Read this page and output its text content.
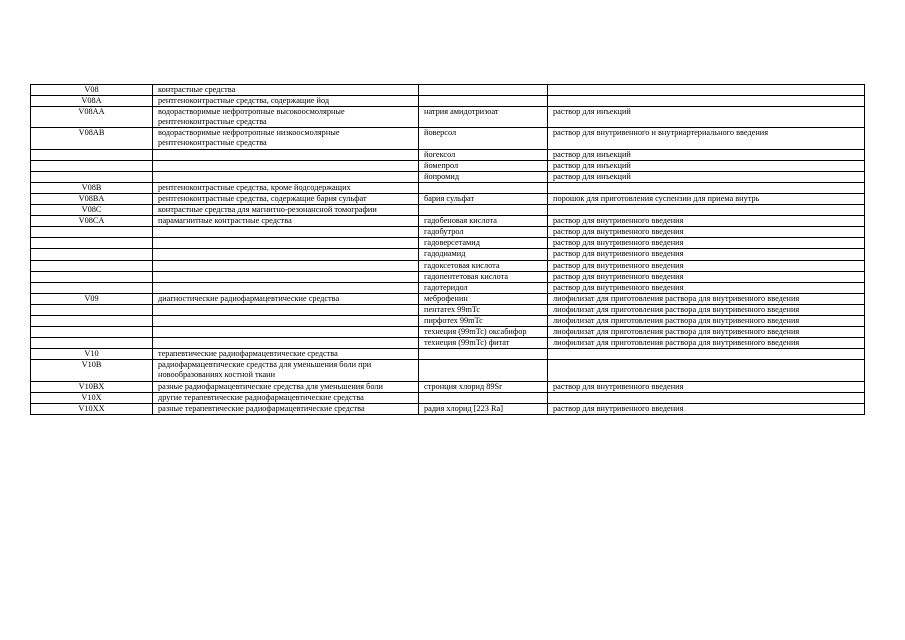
V08	контрастные средства		
V08A	рентгеноконтрастные средства, содержащие йод		
V08AA	водорастворимые нефротропные высокоосмолярные рентгеноконтрастные средства	натрия амидотризоат	раствор для инъекций
V08AB	водорастворимые нефротропные низкоосмолярные рентгеноконтрастные средства	йоверсол	раствор для внутривенного и внутриартериального введения
		йогексол	раствор для инъекций
		йомепрол	раствор для инъекций
		йопромид	раствор для инъекций
V08B	рентгеноконтрастные средства, кроме йодсодержащих		
V08BA	рентгеноконтрастные средства, содержащие бария сульфат	бария сульфат	порошок для приготовления суспензии для приема внутрь
V08C	контрастные средства для магнитно-резонансной томографии		
V08CA	парамагнитные контрастные средства	гадобеновая кислота	раствор для внутривенного введения
		гадобутрол	раствор для внутривенного введения
		гадоверсетамид	раствор для внутривенного введения
		гадодиамид	раствор для внутривенного введения
		гадоксетовая кислота	раствор для внутривенного введения
		гадопентетовая кислота	раствор для внутривенного введения
		гадотеридол	раствор для внутривенного введения
V09	диагностические радиофармацевтические средства	меброфенин	лиофилизат для приготовления раствора для внутривенного введения
		пентатех 99mTc	лиофилизат для приготовления раствора для внутривенного введения
		пирфотех 99mTc	лиофилизат для приготовления раствора для внутривенного введения
		технеция (99mTc) оксабифор	лиофилизат для приготовления раствора для внутривенного введения
		технеция (99mTc) фитат	лиофилизат для приготовления раствора для внутривенного введения
V10	терапевтические радиофармацевтические средства		
V10B	радиофармацевтические средства для уменьшения боли при новообразованиях костной ткани		
V10BX	разные радиофармацевтические средства для уменьшения боли	стронция хлорид 89Sr	раствор для внутривенного введения
V10X	другие терапевтические радиофармацевтические средства		
V10XX	разные терапевтические радиофармацевтические средства	радия хлорид [223 Ra]	раствор для внутривенного введения
